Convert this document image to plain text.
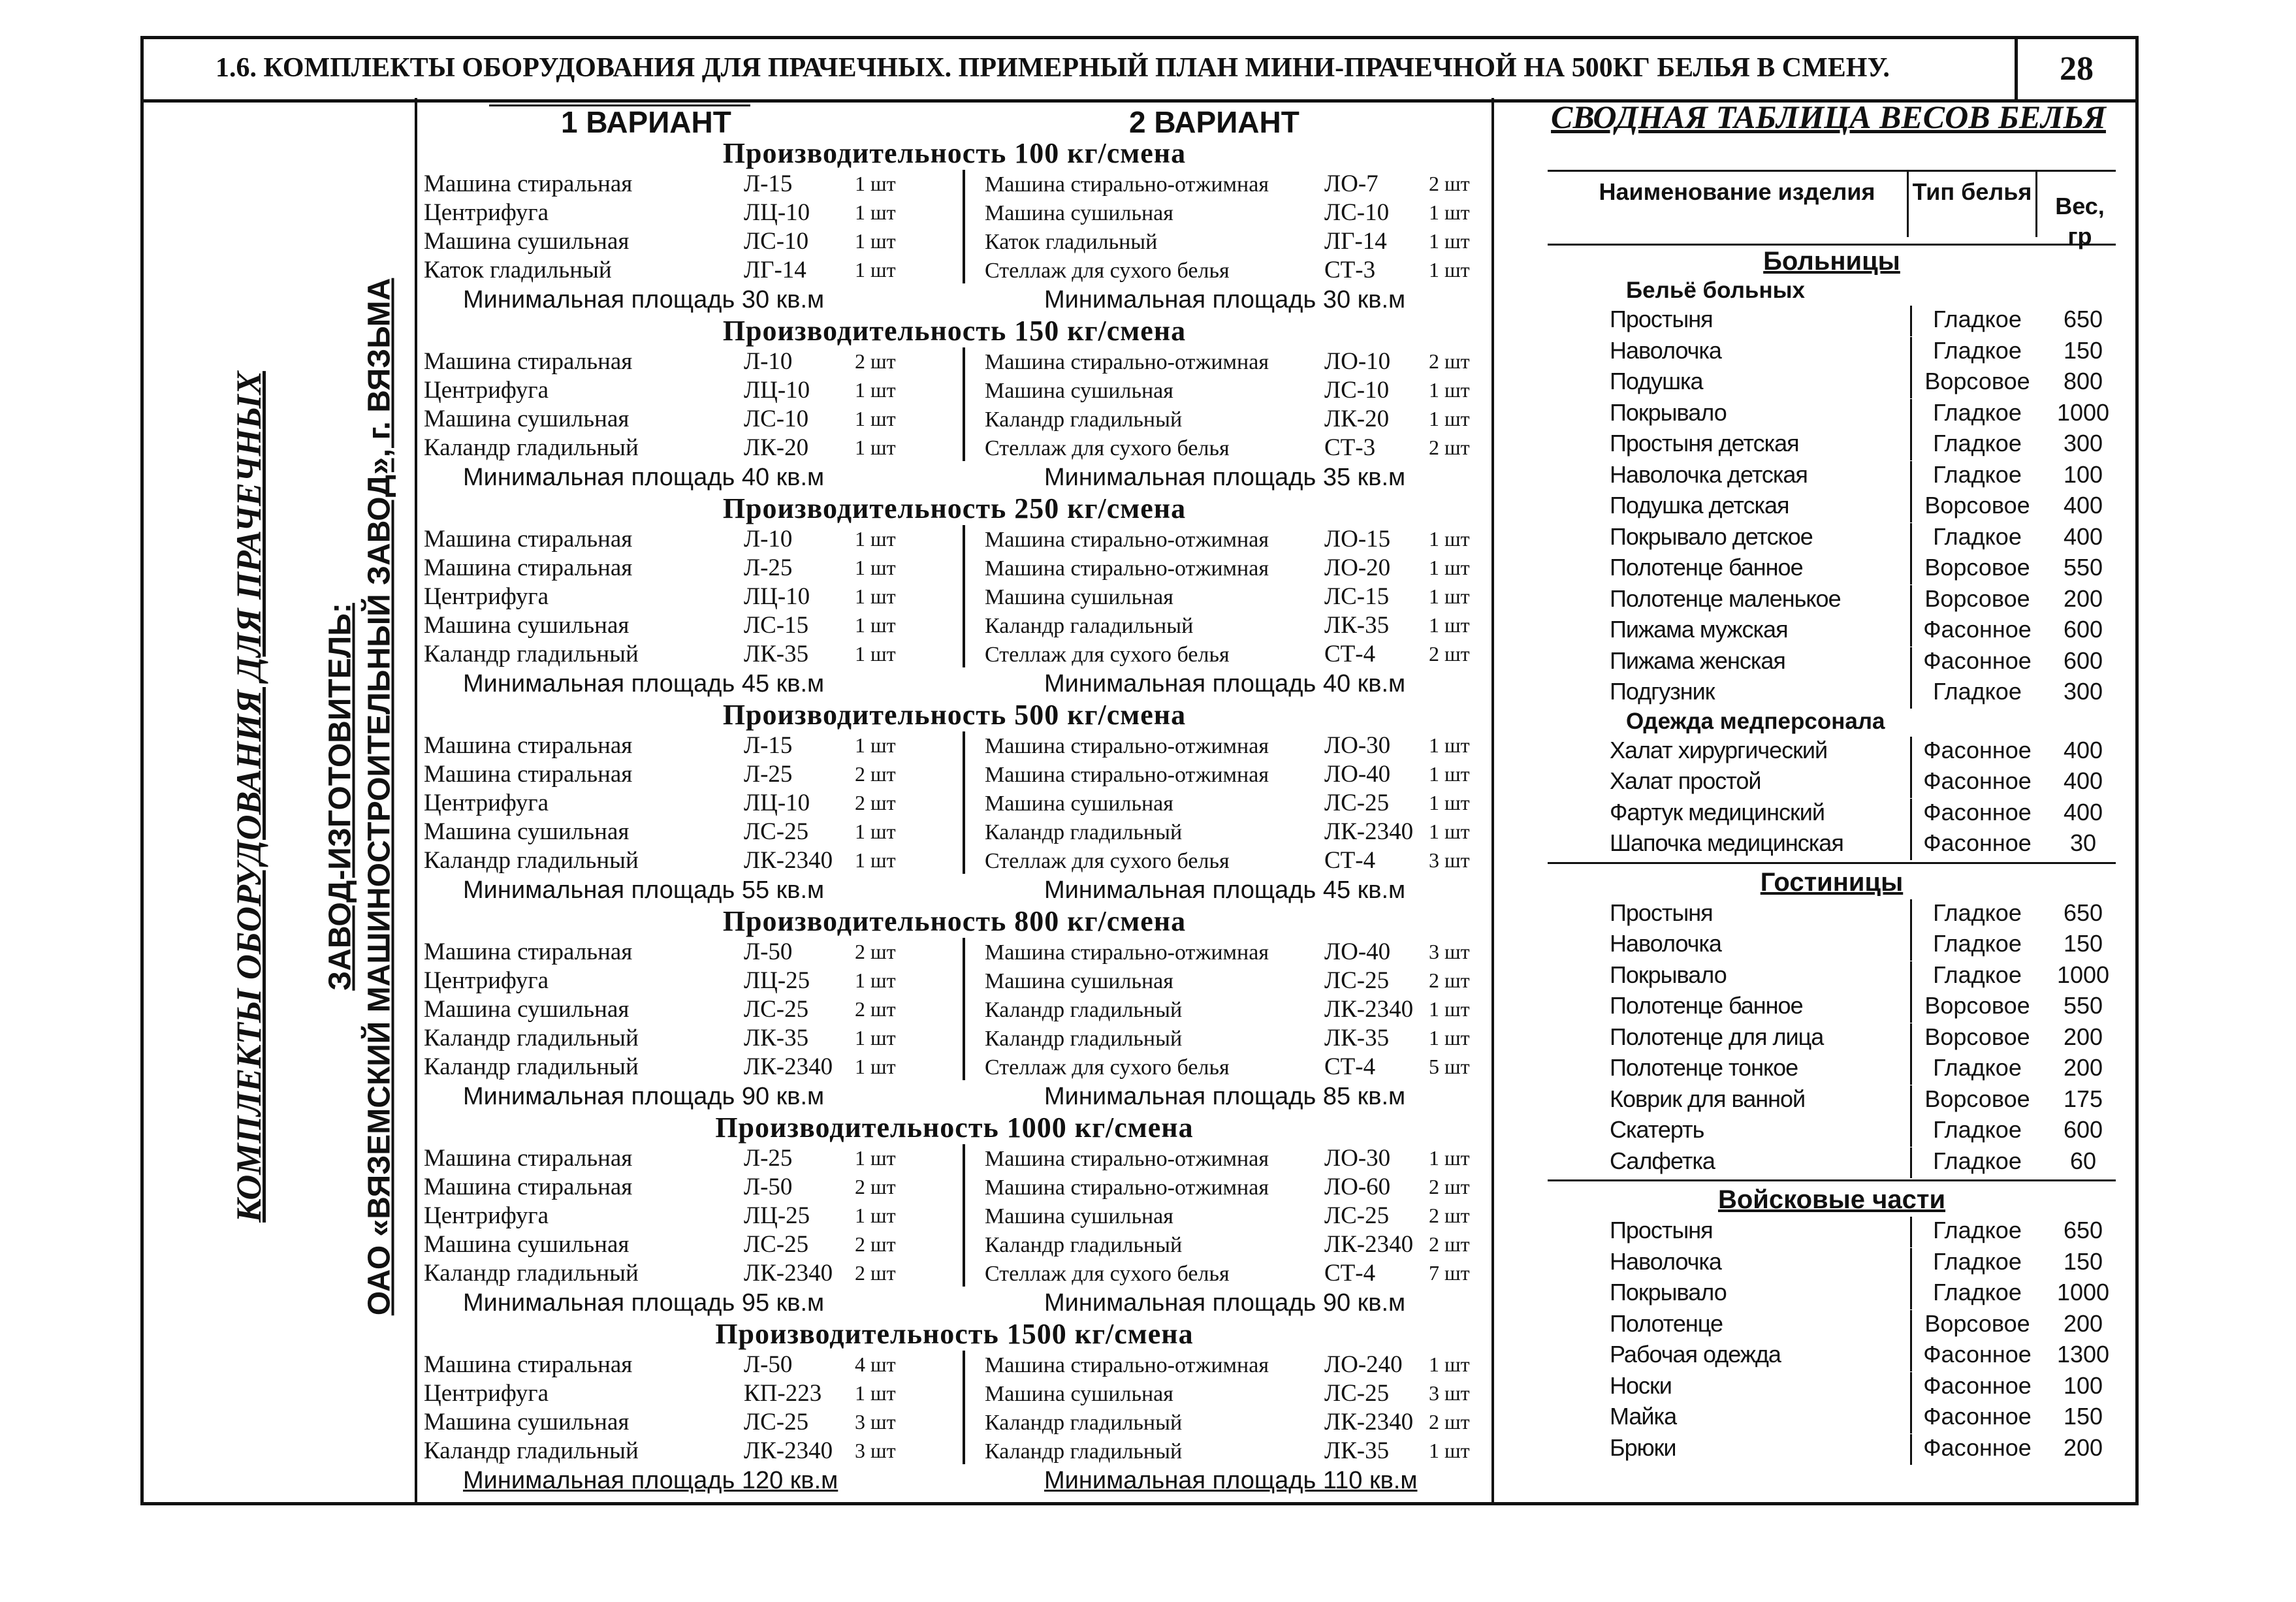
1.6. КОМПЛЕКТЫ ОБОРУДОВАНИЯ ДЛЯ ПРАЧЕЧНЫХ. ПРИМЕРНЫЙ ПЛАН МИНИ-ПРАЧЕЧНОЙ НА 500КГ БЕЛЬЯ В СМЕНУ.	28
КОМПЛЕКТЫ ОБОРУДОВАНИЯ ДЛЯ ПРАЧЕЧНЫХ ЗАВОД-ИЗГОТОВИТЕЛЬ: ОАО «ВЯЗЕМСКИЙ МАШИНОСТРОИТЕЛЬНЫЙ ЗАВОД», г. ВЯЗЬМА
1 ВАРИАНТ	2 ВАРИАНТ
Производительность 100 кг/смена
Машина стиральная	Л-15	1 шт
Центрифуга	ЛЦ-10 1 шт
Машина сушильная	ЛС-10 1 шт
Каток гладильный	ЛГ-14 1 шт
Машина стирально-отжимная ЛО-7 2 шт
Машина сушильная	ЛС-10 1 шт
Каток гладильный	ЛГ-14 1 шт
Стеллаж для сухого белья	СТ-3	1 шт
Минимальная площадь 30 кв.м	Минимальная площадь 30 кв.м
Производительность 150 кг/смена
Машина стиральная	Л-10	2 шт
Центрифуга	ЛЦ-10 1 шт
Машина сушильная	ЛС-10 1 шт
Каландр гладильный	ЛК-20 1 шт
Машина стирально-отжимная ЛО-10 2 шт
Машина сушильная	ЛС-10 1 шт
Каландр гладильный	ЛК-20 1 шт
Стеллаж для сухого белья	СТ-3	2 шт
Минимальная площадь 40 кв.м	Минимальная площадь 35 кв.м
Производительность 250 кг/смена
Машина стиральная	Л-10	1 шт
Машина стиральная	Л-25	1 шт
Центрифуга	ЛЦ-10 1 шт
Машина сушильная	ЛС-15 1 шт
Каландр гладильный	ЛК-35 1 шт
Машина стирально-отжимная ЛО-15 1 шт
Машина стирально-отжимная ЛО-20 1 шт
Машина сушильная	ЛС-15 1 шт
Каландр галадильный	ЛК-35 1 шт
Стеллаж для сухого белья	СТ-4	2 шт
Минимальная площадь 45 кв.м	Минимальная площадь 40 кв.м
Производительность 500 кг/смена
Машина стиральная	Л-15	1 шт
Машина стиральная	Л-25	2 шт
Центрифуга	ЛЦ-10 2 шт
Машина сушильная	ЛС-25 1 шт
Каландр гладильный	ЛК-2340 1 шт
Машина стирально-отжимная ЛО-30 1 шт
Машина стирально-отжимная ЛО-40 1 шт
Машина сушильная	ЛС-25 1 шт
Каландр гладильный	ЛК-2340 1 шт
Стеллаж для сухого белья	СТ-4	3 шт
Минимальная площадь 55 кв.м	Минимальная площадь 45 кв.м
Производительность 800 кг/смена
Машина стиральная	Л-50	2 шт
Центрифуга	ЛЦ-25 1 шт
Машина сушильная	ЛС-25 2 шт
Каландр гладильный	ЛК-35 1 шт
Каландр гладильный	ЛК-2340 1 шт
Машина стирально-отжимная ЛО-40 3 шт
Машина сушильная	ЛС-25 2 шт
Каландр гладильный	ЛК-2340 1 шт
Каландр гладильный	ЛК-35 1 шт
Стеллаж для сухого белья	СТ-4	5 шт
Минимальная площадь 90 кв.м	Минимальная площадь 85 кв.м
Производительность 1000 кг/смена
Машина стиральная	Л-25	1 шт
Машина стиральная	Л-50	2 шт
Центрифуга	ЛЦ-25 1 шт
Машина сушильная	ЛС-25 2 шт
Каландр гладильный	ЛК-2340 2 шт
Машина стирально-отжимная ЛО-30 1 шт
Машина стирально-отжимная ЛО-60 2 шт
Машина сушильная	ЛС-25 2 шт
Каландр гладильный	ЛК-2340 2 шт
Стеллаж для сухого белья	СТ-4	7 шт
Минимальная площадь 95 кв.м	Минимальная площадь 90 кв.м
Производительность 1500 кг/смена
Машина стиральная	Л-50	4 шт
Центрифуга	КП-223 1 шт
Машина сушильная	ЛС-25 3 шт
Каландр гладильный	ЛК-2340 3 шт
Машина стирально-отжимная ЛО-240 1 шт
Машина сушильная	ЛС-25 3 шт
Каландр гладильный	ЛК-2340 2 шт
Каландр гладильный	ЛК-35 1 шт
Минимальная площадь 120 кв.м	Минимальная площадь 110 кв.м
СВОДНАЯ ТАБЛИЦА ВЕСОВ БЕЛЬЯ
Наименование изделия	Тип белья
Вес, гр
Больницы
Бельё больных
Простыня	Гладкое	650
Наволочка	Гладкое	150
Подушка	Ворсовое	800
Покрывало	Гладкое	1000
Простыня детская	Гладкое	300
Наволочка детская	Гладкое	100
Подушка детская	Ворсовое	400
Покрывало детское	Гладкое	400
Полотенце банное	Ворсовое	550
Полотенце маленькое	Ворсовое	200
Пижама мужская	Фасонное	600
Пижама женская	Фасонное	600
Подгузник	Гладкое	300
Одежда медперсонала
Халат хирургический	Фасонное	400
Халат простой	Фасонное	400
Фартук медицинский	Фасонное	400
Шапочка медицинская	Фасонное	30
Гостиницы
Простыня	Гладкое	650
Наволочка	Гладкое	150
Покрывало	Гладкое	1000
Полотенце банное	Ворсовое	550
Полотенце для лица	Ворсовое	200
Полотенце тонкое	Гладкое	200
Коврик для ванной	Ворсовое	175
Скатерть	Гладкое	600
Салфетка	Гладкое	60
Войсковые части
Простыня	Гладкое	650
Наволочка	Гладкое	150
Покрывало	Гладкое	1000
Полотенце	Ворсовое	200
Рабочая одежда	Фасонное	1300
Носки	Фасонное	100
Майка	Фасонное	150
Брюки	Фасонное	200
